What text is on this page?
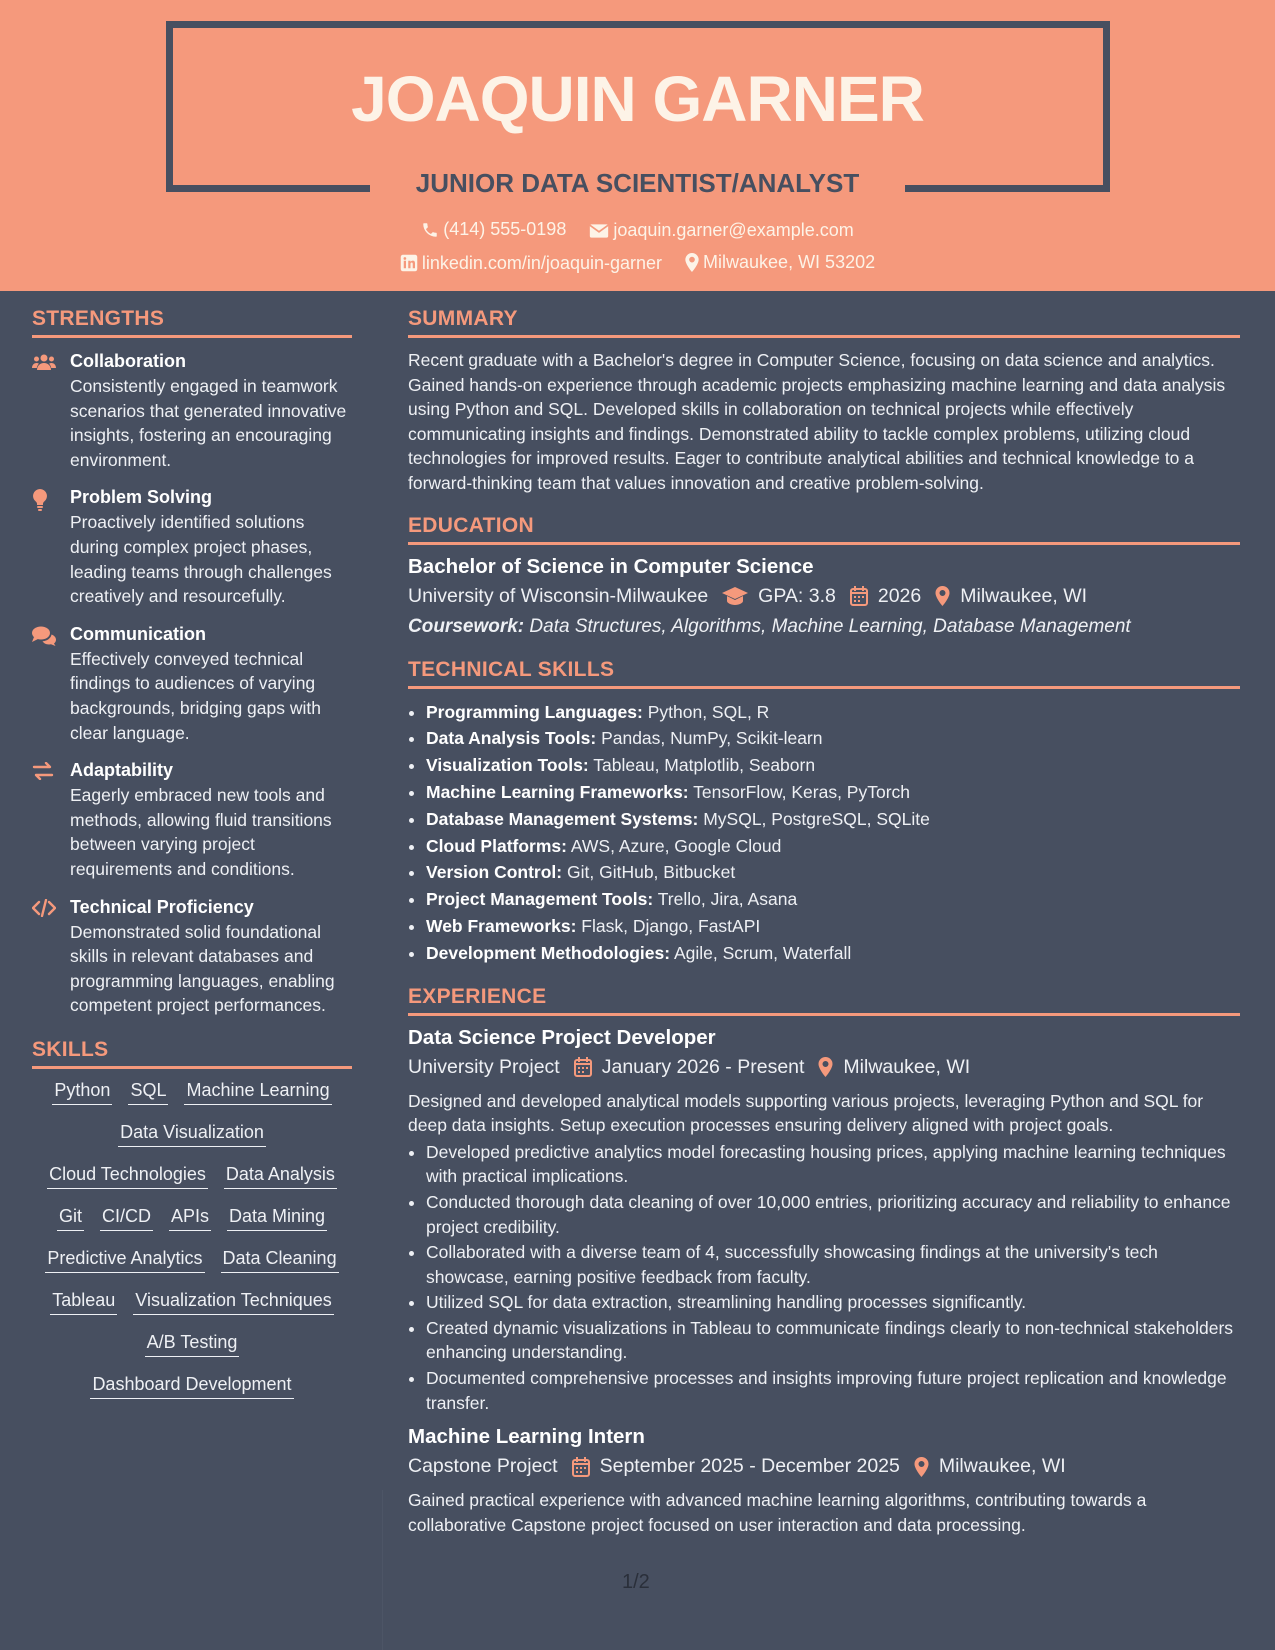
JOAQUIN GARNER
JUNIOR DATA SCIENTIST/ANALYST
(414) 555-0198
	joaquin.garner@example.com
linkedin.com/in/joaquin-garner
Milwaukee, WI 53202
STRENGTHS
Collaboration
Consistently engaged in teamwork scenarios that generated innovative insights, fostering an encouraging environment.
Problem Solving
Proactively identified solutions during complex project phases, leading teams through challenges creatively and resourcefully.
Communication
Effectively conveyed technical findings to audiences of varying backgrounds, bridging gaps with clear language.
Adaptability
Eagerly embraced new tools and methods, allowing fluid transitions between varying project requirements and conditions.
Technical Proficiency
Demonstrated solid foundational skills in relevant databases and programming languages, enabling competent project performances.
SKILLS
Python SQL Machine Learning
Data Visualization
Cloud Technologies Data Analysis
Git CI/CD APIs Data Mining
Predictive Analytics Data Cleaning
Tableau Visualization Techniques
A/B Testing
Dashboard Development
SUMMARY
Recent graduate with a Bachelor's degree in Computer Science, focusing on data science and analytics. Gained hands-on experience through academic projects emphasizing machine learning and data analysis using Python and SQL. Developed skills in collaboration on technical projects while effectively communicating insights and findings. Demonstrated ability to tackle complex problems, utilizing cloud technologies for improved results. Eager to contribute analytical abilities and technical knowledge to a forward-thinking team that values innovation and creative problem-solving.
EDUCATION
Bachelor of Science in Computer Science
University of Wisconsin-Milwaukee	GPA: 3.8 2026 Milwaukee, WI
Coursework: Data Structures, Algorithms, Machine Learning, Database Management
TECHNICAL SKILLS
• Programming Languages: Python, SQL, R
• Data Analysis Tools: Pandas, NumPy, Scikit-learn
• Visualization Tools: Tableau, Matplotlib, Seaborn
• Machine Learning Frameworks: TensorFlow, Keras, PyTorch
• Database Management Systems: MySQL, PostgreSQL, SQLite
• Cloud Platforms: AWS, Azure, Google Cloud
• Version Control: Git, GitHub, Bitbucket
• Project Management Tools: Trello, Jira, Asana
• Web Frameworks: Flask, Django, FastAPI
• Development Methodologies: Agile, Scrum, Waterfall
EXPERIENCE
Data Science Project Developer
University Project January 2026 - Present Milwaukee, WI
Designed and developed analytical models supporting various projects, leveraging Python and SQL for deep data insights. Setup execution processes ensuring delivery aligned with project goals.
• Developed predictive analytics model forecasting housing prices, applying machine learning techniques with practical implications.
• Conducted thorough data cleaning of over 10,000 entries, prioritizing accuracy and reliability to enhance project credibility.
• Collaborated with a diverse team of 4, successfully showcasing findings at the university's tech showcase, earning positive feedback from faculty.
• Utilized SQL for data extraction, streamlining handling processes significantly.
• Created dynamic visualizations in Tableau to communicate findings clearly to non-technical stakeholders enhancing understanding.
• Documented comprehensive processes and insights improving future project replication and knowledge transfer.
Machine Learning Intern
Capstone Project September 2025 - December 2025 Milwaukee, WI
Gained practical experience with advanced machine learning algorithms, contributing towards a collaborative Capstone project focused on user interaction and data processing.
1/2
